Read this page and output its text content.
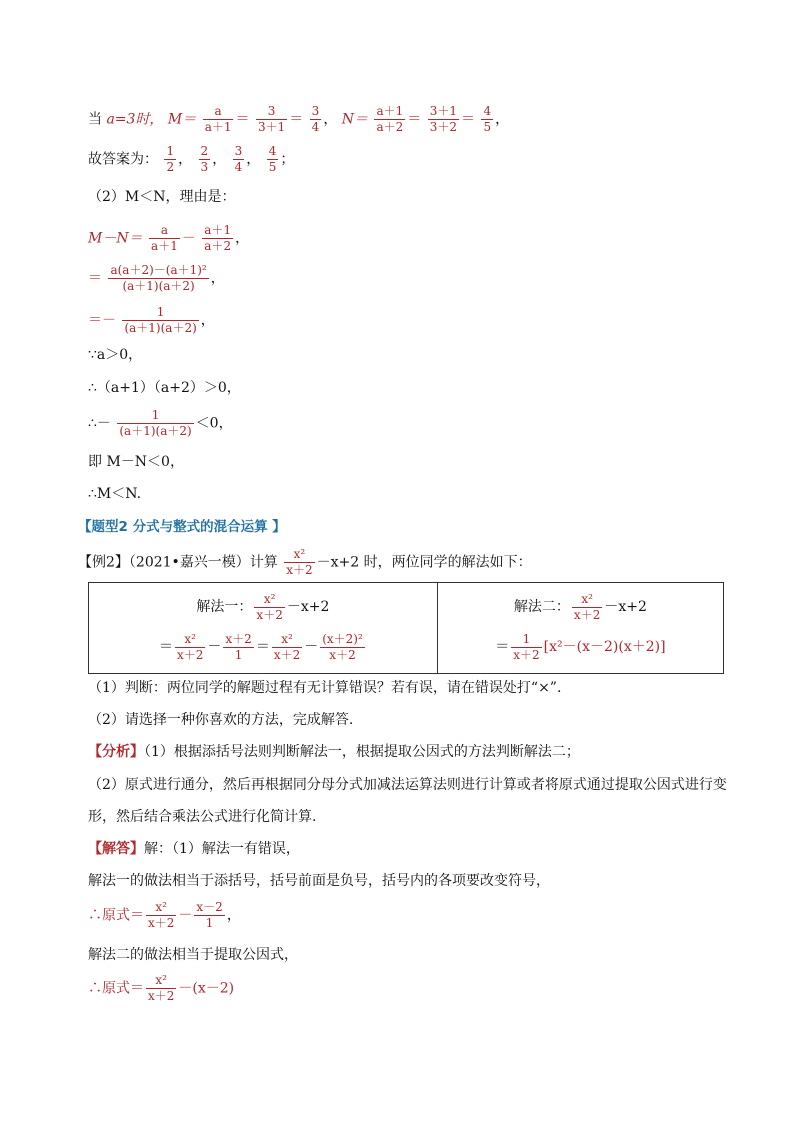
当 a=3时， $M= \frac{a}{a+1} = \frac{3}{3+1} = \frac{3}{4}$ ， $N= \frac{a+1}{a+2} = \frac{3+1}{3+2} = \frac{4}{5}$ ，
故答案为： $\frac{1}{2}$ ， $\frac{2}{3}$ ， $\frac{3}{4}$ ， $\frac{4}{5}$ ；
（2）M＜N，理由是：
$M-N= \frac{a}{a+1} - \frac{a+1}{a+2}$ ，
＝ $\frac{\text{a(a＋2)－(a＋1)²}}{(a+1)(a+2)}$ ，
＝－ $\frac{1}{(a+1)(a+2)}$ ，
∵a＞0，
∴（a+1）（a+2）＞0，
∴－ $\frac{1}{(a+1)(a+2)} <0$，
即 M－N＜0，
∴M＜N.
【题型2 分式与整式的混合运算 】
【例2】（2021•嘉兴一模）计算 $\frac{\text{x²}}{x+2} -x+2$ 时，两位同学的解法如下：
解法一： $\frac{\text{x²}}{x+2} -x+2$
＝ $\frac{\text{x²}}{x+2} - \frac{x+2}{1} = \frac{\text{x²}}{x+2} - \frac{\text{(x＋2)²}}{x+2}$

解法二： $\frac{\text{x²}}{x+2} -x+2$
＝ $\frac{1}{x+2} [x^2-(x-2)(x+2)]$
（1）判断：两位同学的解题过程有无计算错误？若有误，请在错误处打“×”.
（2）请选择一种你喜欢的方法，完成解答.
【分析】（1）根据添括号法则判断解法一，根据提取公因式的方法判断解法二；
（2）原式进行通分，然后再根据同分母分式加减法运算法则进行计算或者将原式通过提取公因式进行变
形，然后结合乘法公式进行化简计算.
【解答】解：（1）解法一有错误，
解法一的做法相当于添括号，括号前面是负号，括号内的各项要改变符号，
∴原式＝ $\frac{\text{x²}}{x+2} - \frac{x-2}{1}$ ，
解法二的做法相当于提取公因式，
∴原式＝ $\frac{\text{x²}}{x+2} -(x-2)$
